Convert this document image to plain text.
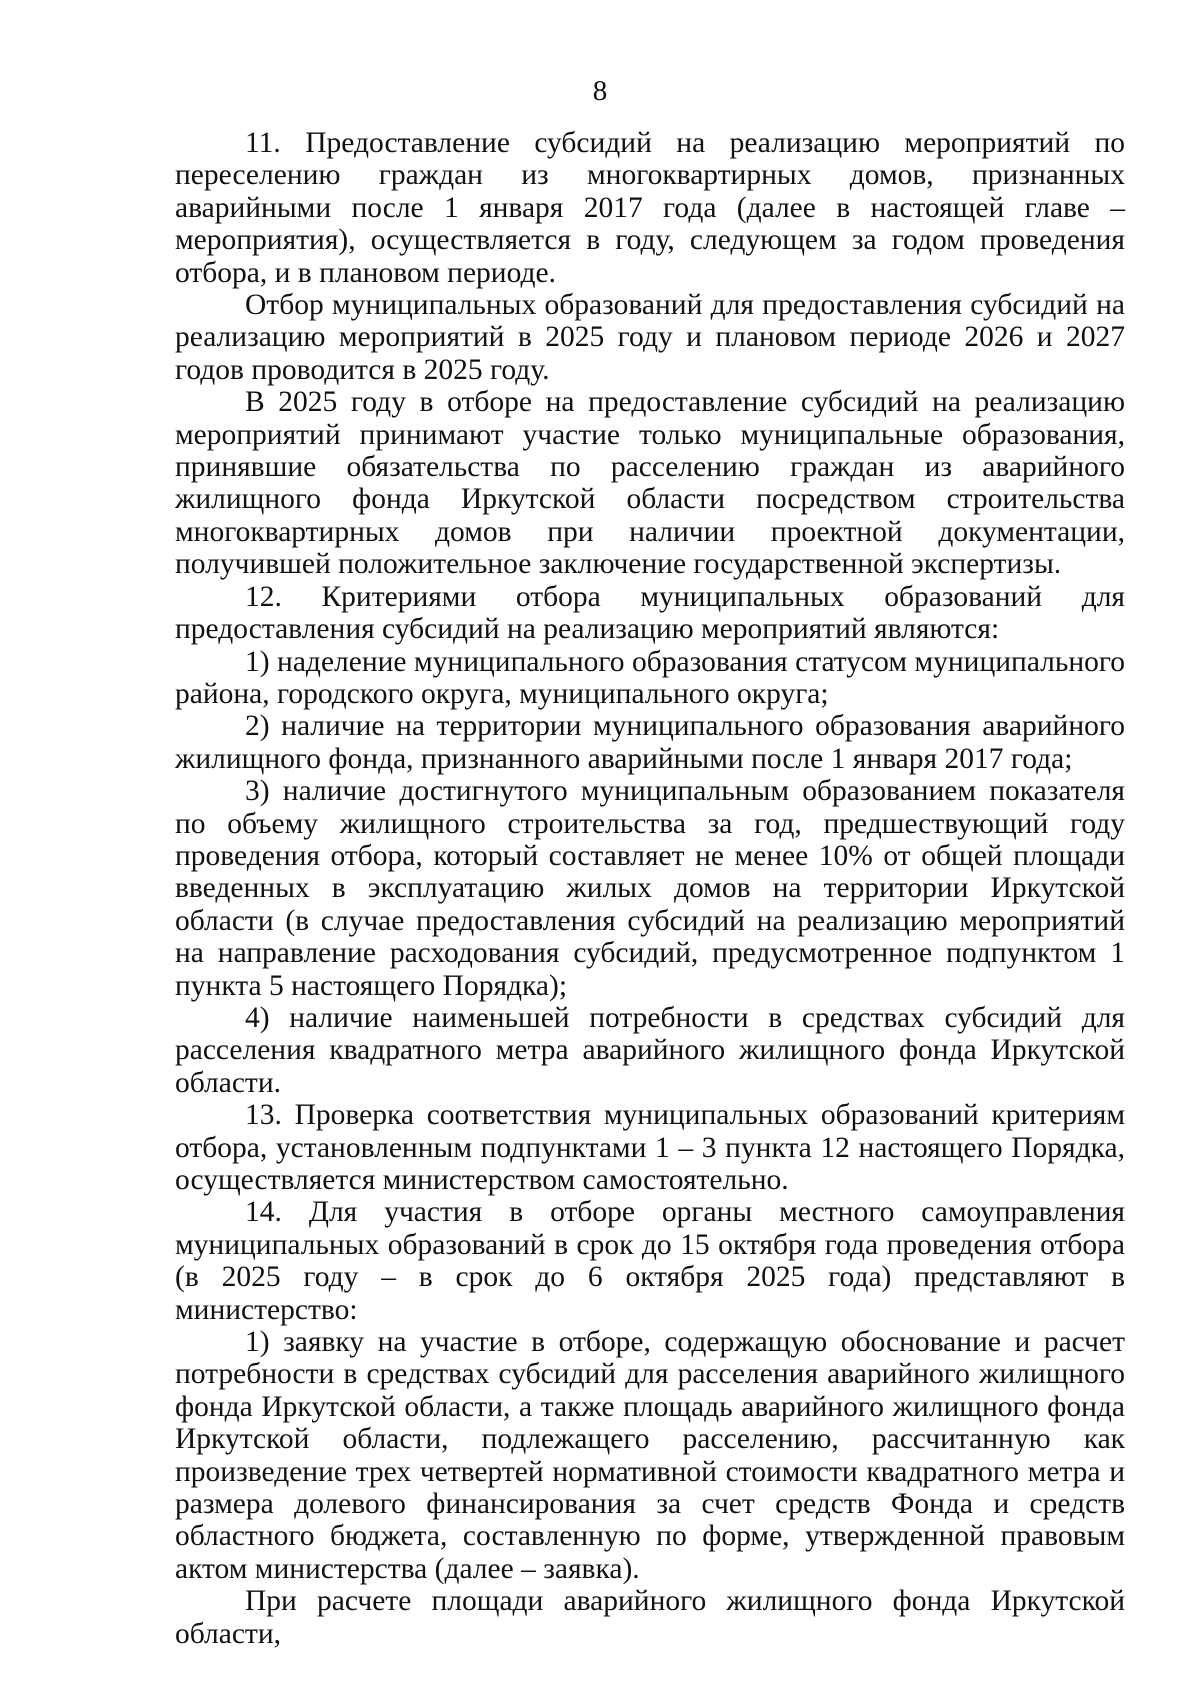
8

11. Предоставление субсидий на реализацию мероприятий по переселению граждан из многоквартирных домов, признанных аварийными после 1 января 2017 года (далее в настоящей главе – мероприятия), осуществляется в году, следующем за годом проведения отбора, и в плановом периоде.

Отбор муниципальных образований для предоставления субсидий на реализацию мероприятий в 2025 году и плановом периоде 2026 и 2027 годов проводится в 2025 году.

В 2025 году в отборе на предоставление субсидий на реализацию мероприятий принимают участие только муниципальные образования, принявшие обязательства по расселению граждан из аварийного жилищного фонда Иркутской области посредством строительства многоквартирных домов при наличии проектной документации, получившей положительное заключение государственной экспертизы.

12. Критериями отбора муниципальных образований для предоставления субсидий на реализацию мероприятий являются:

1) наделение муниципального образования статусом муниципального района, городского округа, муниципального округа;

2) наличие на территории муниципального образования аварийного жилищного фонда, признанного аварийными после 1 января 2017 года;

3) наличие достигнутого муниципальным образованием показателя по объему жилищного строительства за год, предшествующий году проведения отбора, который составляет не менее 10% от общей площади введенных в эксплуатацию жилых домов на территории Иркутской области (в случае предоставления субсидий на реализацию мероприятий на направление расходования субсидий, предусмотренное подпунктом 1 пункта 5 настоящего Порядка);

4) наличие наименьшей потребности в средствах субсидий для расселения квадратного метра аварийного жилищного фонда Иркутской области.

13. Проверка соответствия муниципальных образований критериям отбора, установленным подпунктами 1 – 3 пункта 12 настоящего Порядка, осуществляется министерством самостоятельно.

14. Для участия в отборе органы местного самоуправления муниципальных образований в срок до 15 октября года проведения отбора (в 2025 году – в срок до 6 октября 2025 года) представляют в министерство:

1) заявку на участие в отборе, содержащую обоснование и расчет потребности в средствах субсидий для расселения аварийного жилищного фонда Иркутской области, а также площадь аварийного жилищного фонда Иркутской области, подлежащего расселению, рассчитанную как произведение трех четвертей нормативной стоимости квадратного метра и размера долевого финансирования за счет средств Фонда и средств областного бюджета, составленную по форме, утвержденной правовым актом министерства (далее – заявка).

При расчете площади аварийного жилищного фонда Иркутской области,
